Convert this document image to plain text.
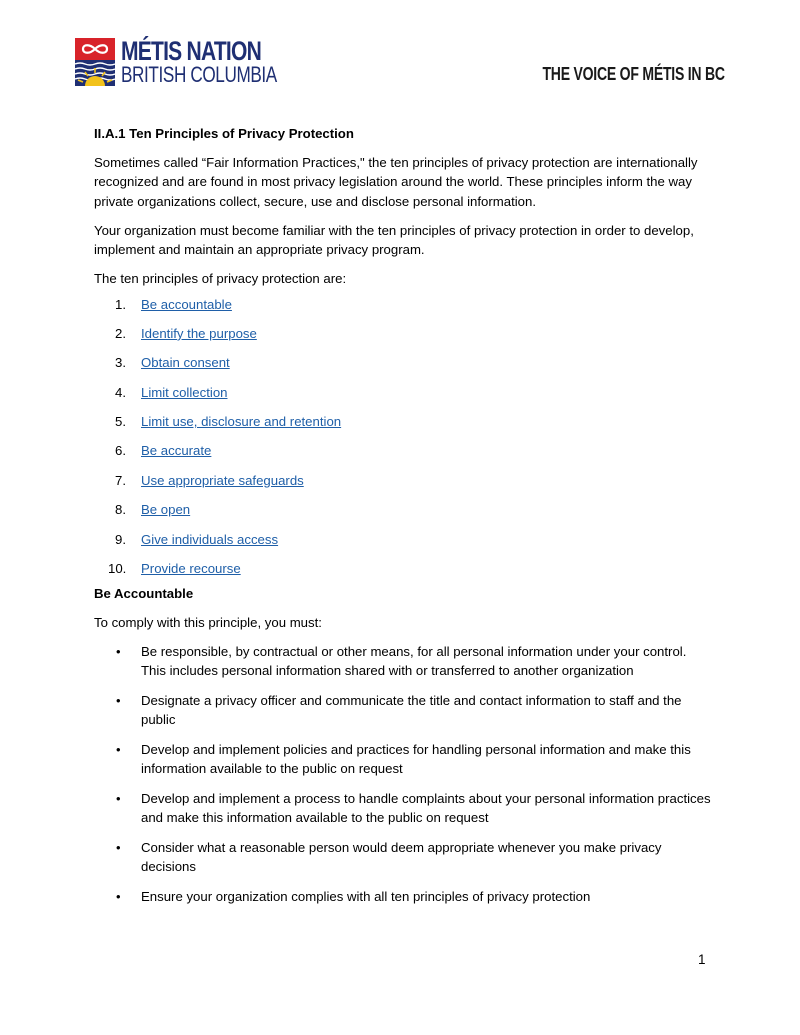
MÉTIS NATION
BRITISH COLUMBIA	THE VOICE OF MÉTIS IN BC
II.A.1 Ten Principles of Privacy Protection

Sometimes called “Fair Information Practices," the ten principles of privacy protection are internationally recognized and are found in most privacy legislation around the world. These principles inform the way private organizations collect, secure, use and disclose personal information.

Your organization must become familiar with the ten principles of privacy protection in order to develop, implement and maintain an appropriate privacy program.

The ten principles of privacy protection are:

1.	Be accountable
2.	Identify the purpose
3.	Obtain consent
4.	Limit collection
5.	Limit use, disclosure and retention
6.	Be accurate
7.	Use appropriate safeguards
8.	Be open
9.	Give individuals access
10.	Provide recourse
Be Accountable

To comply with this principle, you must:

•	Be responsible, by contractual or other means, for all personal information under your control. This includes personal information shared with or transferred to another organization
•	Designate a privacy officer and communicate the title and contact information to staff and the public
•	Develop and implement policies and practices for handling personal information and make this information available to the public on request
•	Develop and implement a process to handle complaints about your personal information practices and make this information available to the public on request
•	Consider what a reasonable person would deem appropriate whenever you make privacy decisions
•	Ensure your organization complies with all ten principles of privacy protection
1
